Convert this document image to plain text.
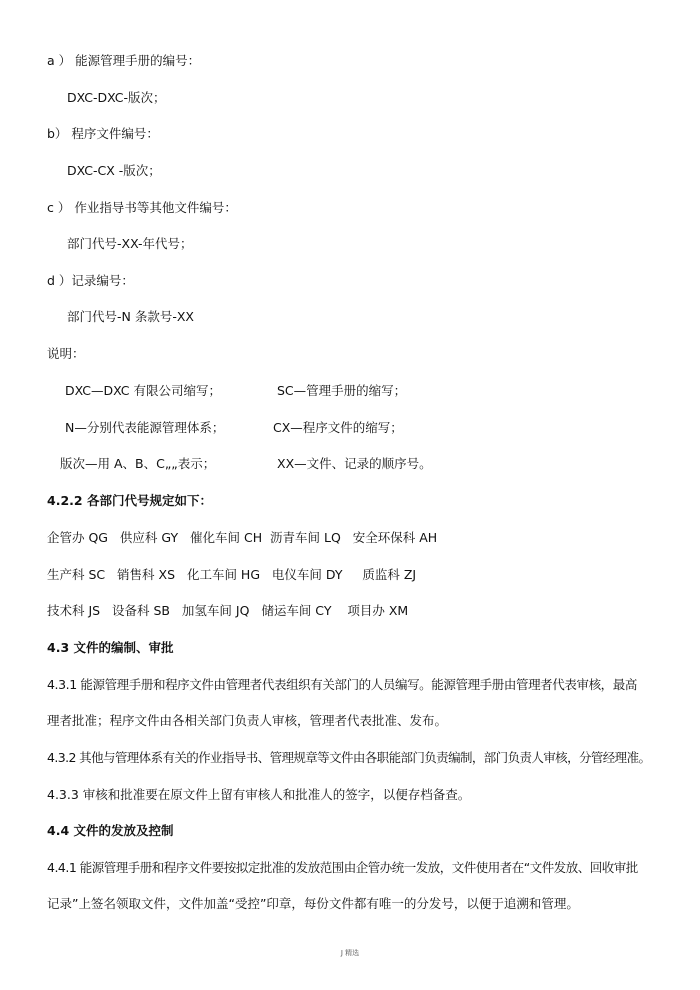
a ） 能源管理手册的编号：
DXC-DXC-版次；
b） 程序文件编号：
DXC-CX -版次；
c ） 作业指导书等其他文件编号：
部门代号-XX-年代号；
d ）记录编号：
部门代号-N 条款号-XX
说明：
DXC—DXC 有限公司缩写；	SC—管理手册的缩写；
N—分别代表能源管理体系；	CX—程序文件的缩写；
版次—用 A、B、C„„表示；	XX—文件、记录的顺序号。
4.2.2 各部门代号规定如下：
企管办 QG   供应科 GY   催化车间 CH  沥青车间 LQ   安全环保科 AH
生产科 SC   销售科 XS   化工车间 HG   电仪车间 DY     质监科 ZJ
技术科 JS   设备科 SB   加氢车间 JQ   储运车间 CY    项目办 XM
4.3 文件的编制、审批
4.3.1 能源管理手册和程序文件由管理者代表组织有关部门的人员编写。能源管理手册由管理者代表审核，最高
理者批准；程序文件由各相关部门负责人审核，管理者代表批准、发布。
4.3.2 其他与管理体系有关的作业指导书、管理规章等文件由各职能部门负责编制，部门负责人审核，分管经理准。
4.3.3 审核和批准要在原文件上留有审核人和批准人的签字，以便存档备查。
4.4 文件的发放及控制
4.4.1 能源管理手册和程序文件要按拟定批准的发放范围由企管办统一发放，文件使用者在“文件发放、回收审批
记录”上签名领取文件，文件加盖“受控”印章，每份文件都有唯一的分发号，以便于追溯和管理。
J 精选
